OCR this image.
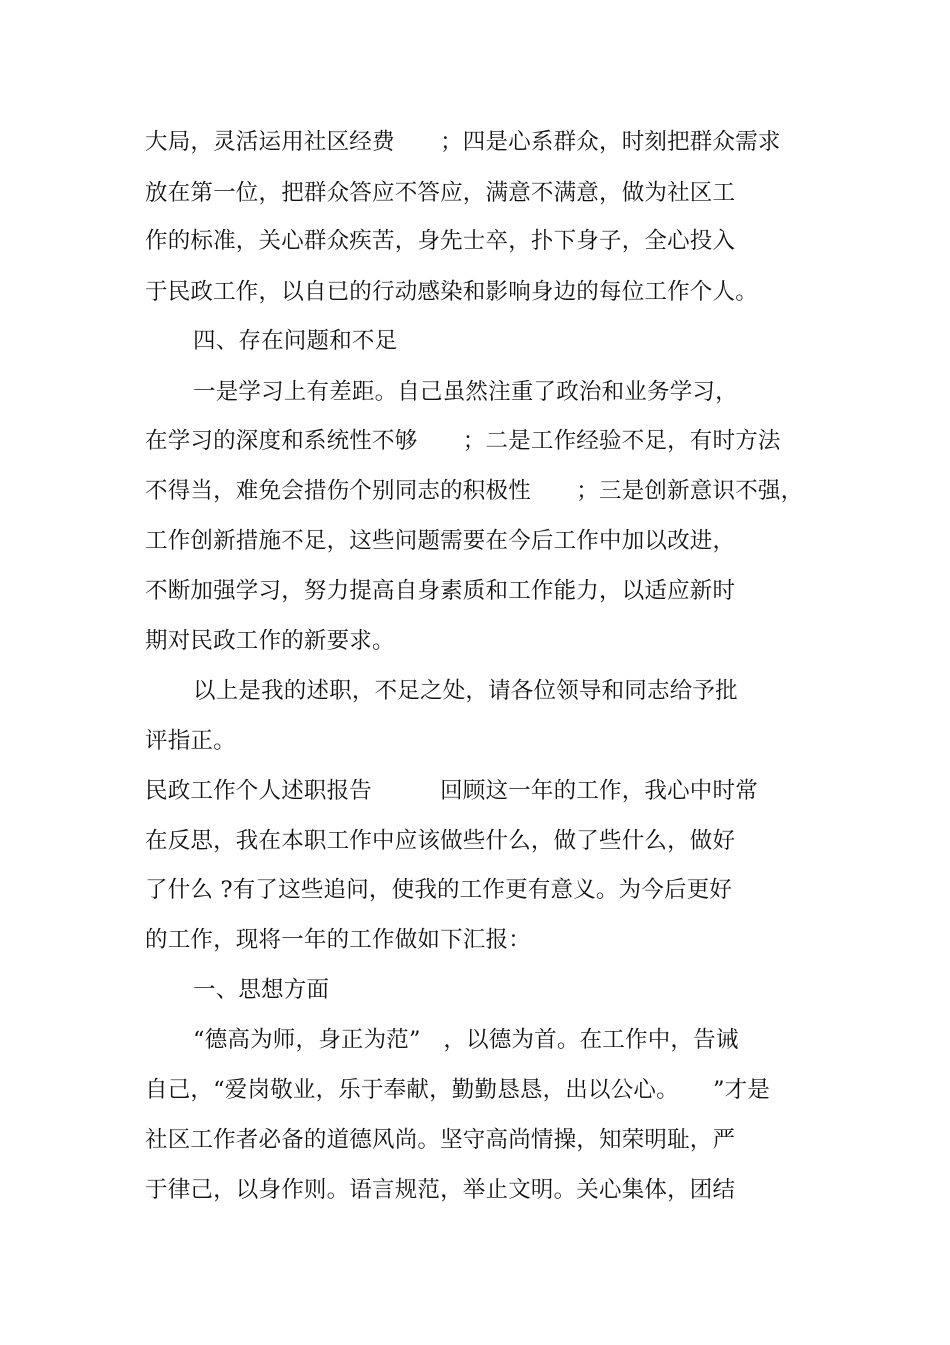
大局，灵活运用社区经费　　；四是心系群众，时刻把群众需求
放在第一位，把群众答应不答应，满意不满意，做为社区工
作的标准，关心群众疾苦，身先士卒，扑下身子，全心投入
于民政工作，以自已的行动感染和影响身边的每位工作个人。
四、存在问题和不足
一是学习上有差距。自己虽然注重了政治和业务学习，
在学习的深度和系统性不够　　；二是工作经验不足，有时方法
不得当，难免会措伤个别同志的积极性　　；三是创新意识不强，
工作创新措施不足，这些问题需要在今后工作中加以改进，
不断加强学习，努力提高自身素质和工作能力，以适应新时
期对民政工作的新要求。
以上是我的述职，不足之处，请各位领导和同志给予批
评指正。
民政工作个人述职报告　　　回顾这一年的工作，我心中时常
在反思，我在本职工作中应该做些什么，做了些什么，做好
了什么 ?有了这些追问，使我的工作更有意义。为今后更好
的工作，现将一年的工作做如下汇报：
一、思想方面
“德高为师，身正为范”　，以德为首。在工作中，告诫
自己，“爱岗敬业，乐于奉献，勤勤恳恳，出以公心。　　”才是
社区工作者必备的道德风尚。坚守高尚情操，知荣明耻，严
于律己，以身作则。语言规范，举止文明。关心集体，团结
